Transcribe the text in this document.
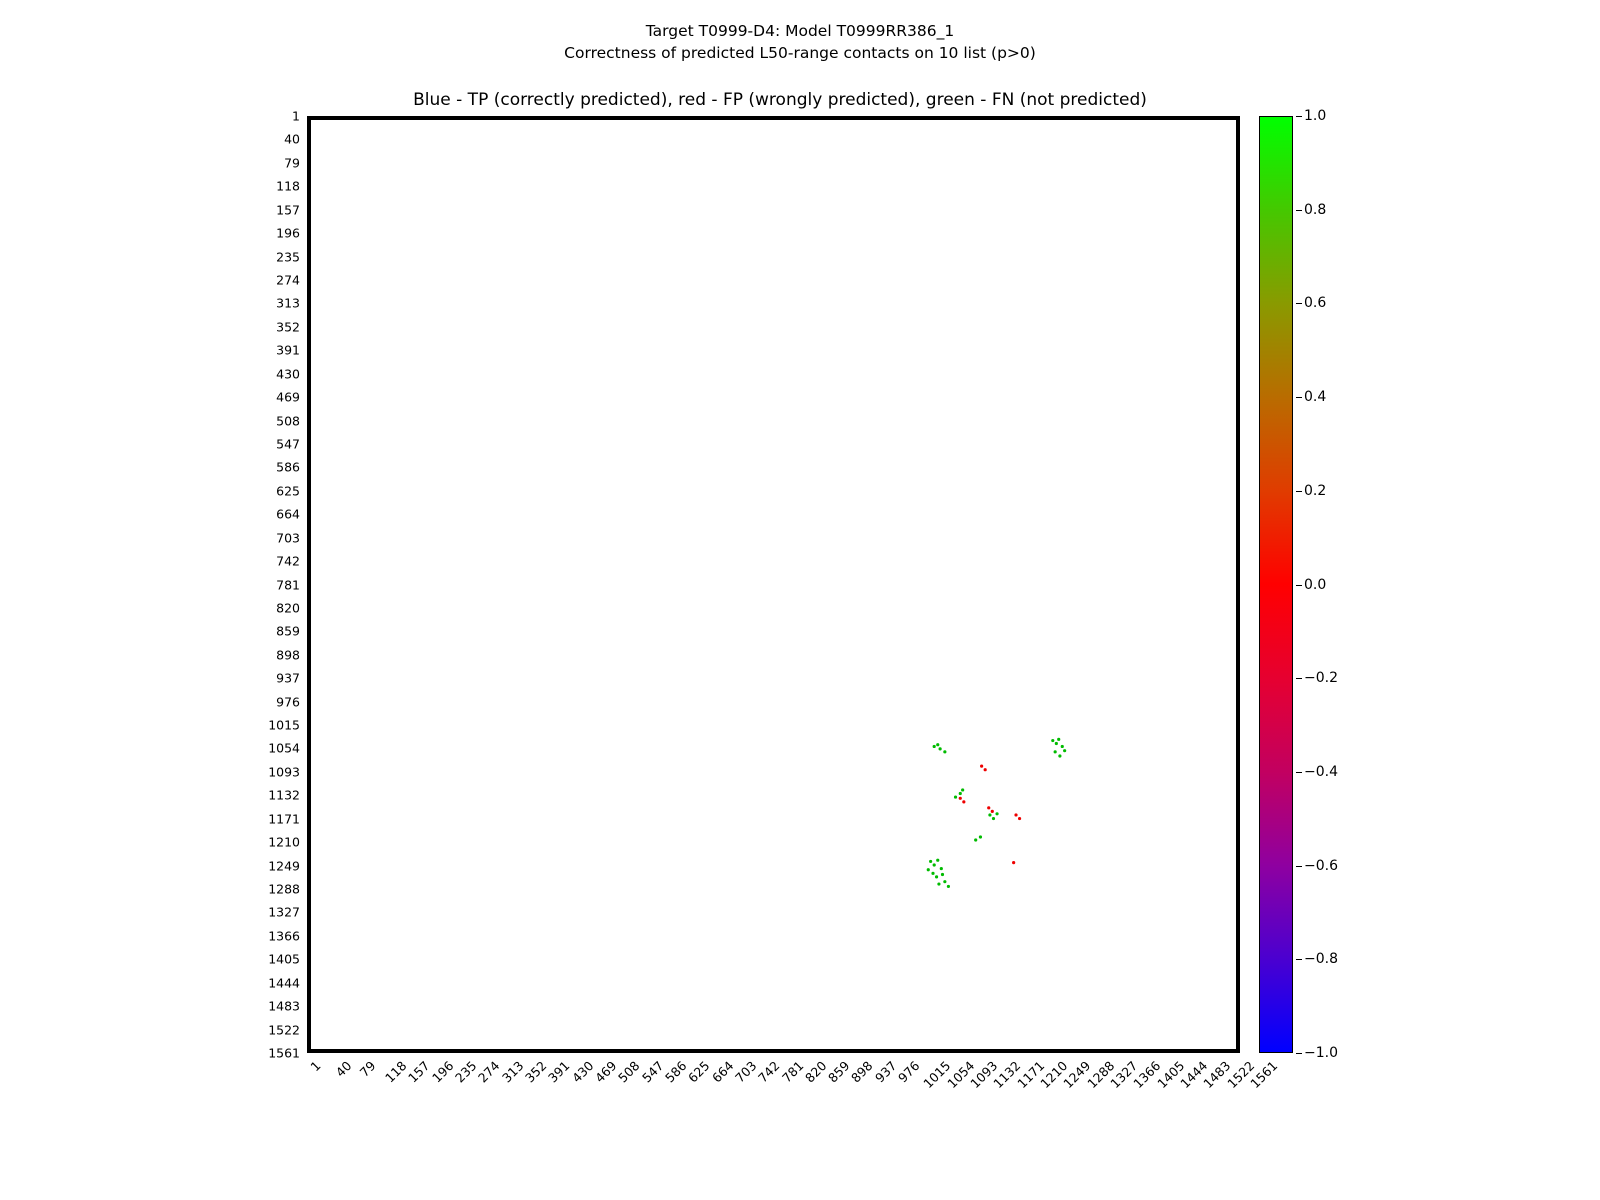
Target T0999-D4: Model T0999RR386_1
Correctness of predicted L50-range contacts on 10 list (p>0)
Blue - TP (correctly predicted), red - FP (wrongly predicted), green - FN (not predicted)
1
40
79
118
157
196
235
274
313
352
391
430
469
508
547
586
625
664
703
742
781
820
859
898
937
976
1015
1054
1093
1132
1171
1210
1249
1288
1327
1366
1405
1444
1483
1522
1561
1 40 79 118
157
196
235
274
313
352
391
430
469
508
547
586
625
664
703
742
781
820
859
898
937
976
1015
1054
1093
1132
1171
1210
1249
1288
1327
1366
1405
1444
1483
1522
1561
1.0
0.8
0.6
0.4
0.2
0.0
−0.2
−0.4
−0.6
−0.8
−1.0
